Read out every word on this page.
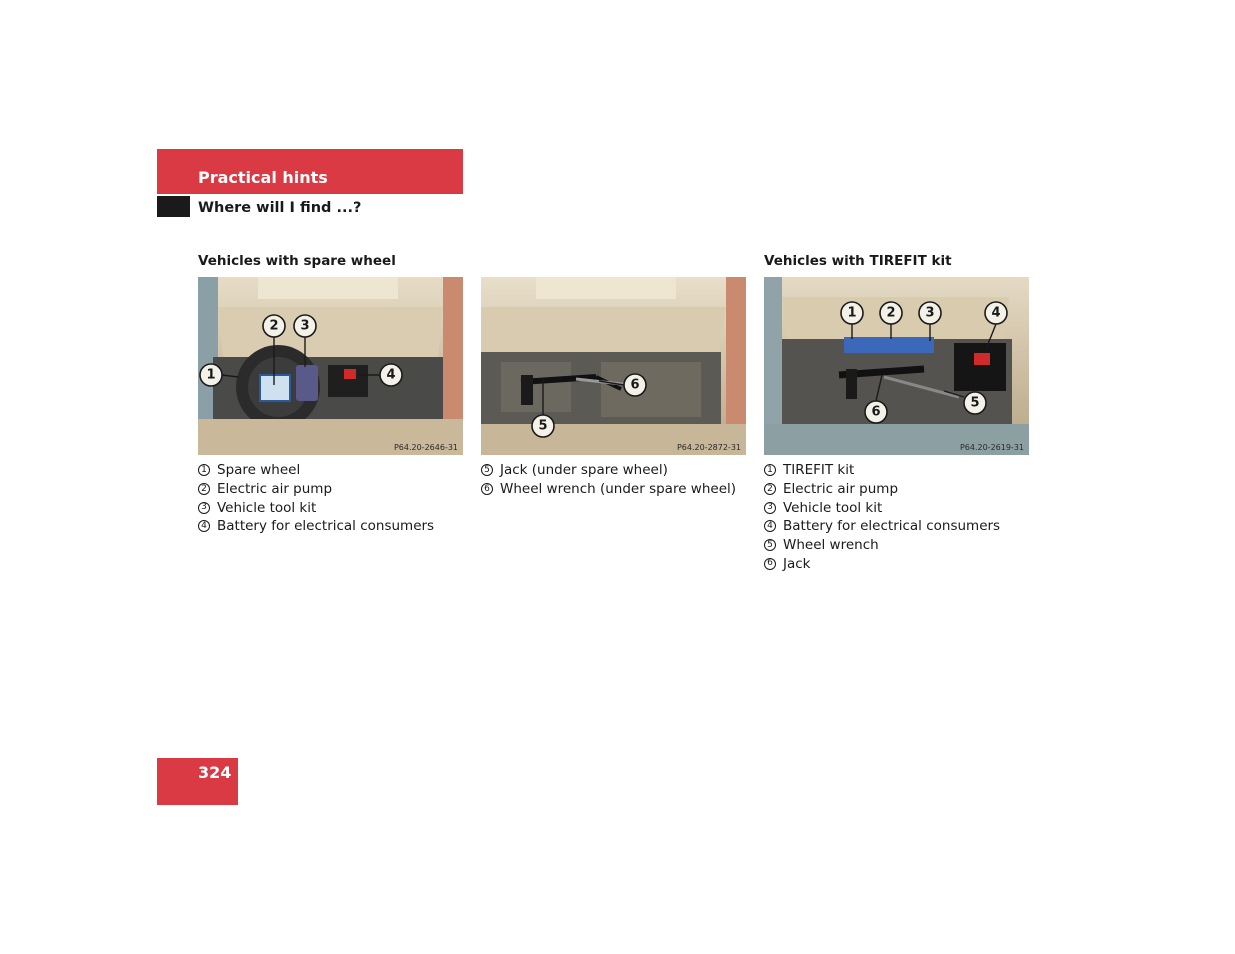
Practical hints
Where will I find ...?
Vehicles with spare wheel	Vehicles with TIREFIT kit
1
2 3
4
P64.20-2646-31
5
6
P64.20-2872-31
1 2 3	4
5
6
P64.20-2619-31
1 Spare wheel
2 Electric air pump
3 Vehicle tool kit
4 Battery for electrical consumers
5 Jack (under spare wheel)
6 Wheel wrench (under spare wheel)
1 TIREFIT kit
2 Electric air pump
3 Vehicle tool kit
4 Battery for electrical consumers
5 Wheel wrench
6 Jack
324
